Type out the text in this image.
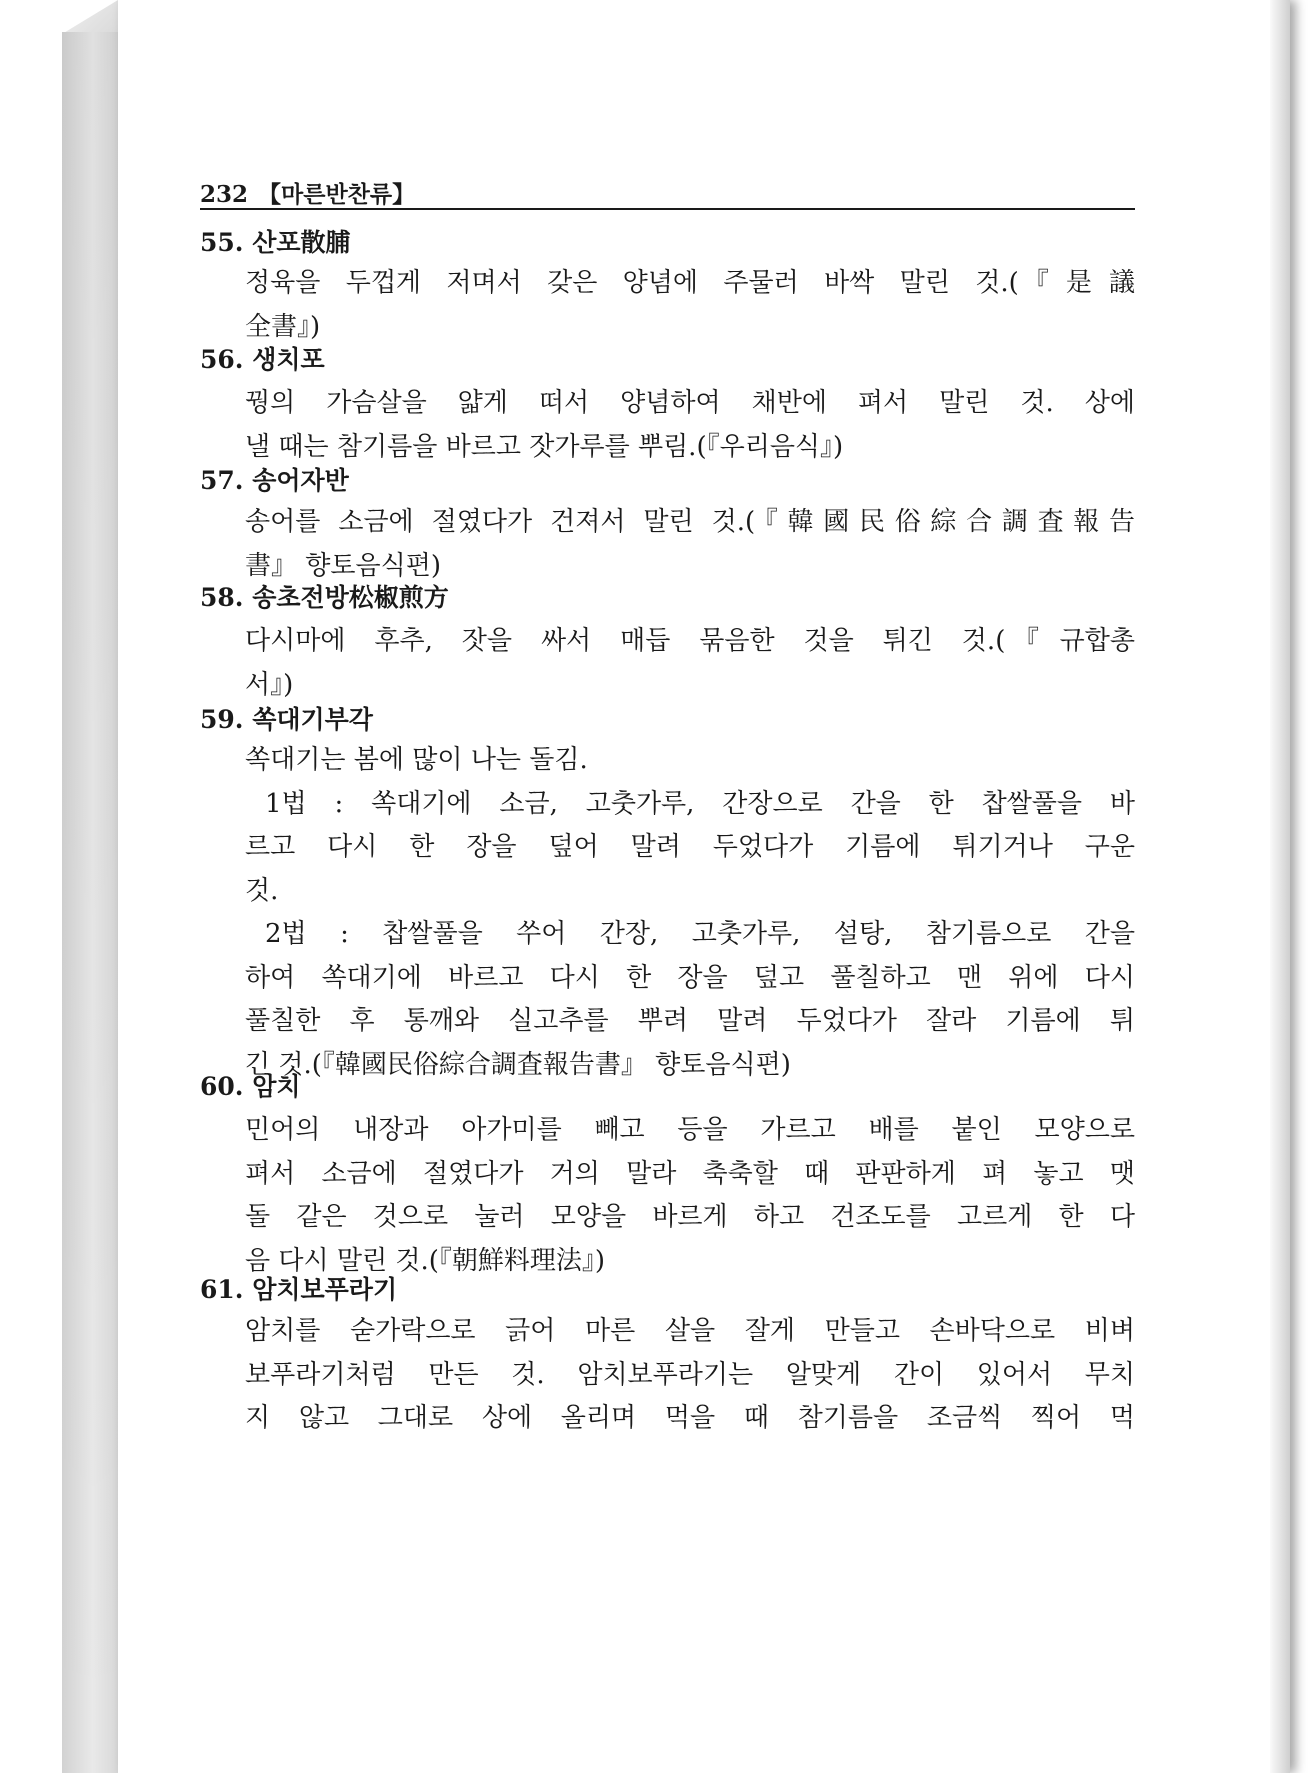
232 【마른반찬류】
55. 산포散脯
정육을 두껍게 저며서 갖은 양념에 주물러 바싹 말린 것.(『是議
全書』)
56. 생치포
꿩의 가슴살을 얇게 떠서 양념하여 채반에 펴서 말린 것. 상에
낼 때는 참기름을 바르고 잣가루를 뿌림.(『우리음식』)
57. 송어자반
송어를 소금에 절였다가 건져서 말린 것.(『韓國民俗綜合調査報告
書』 향토음식편)
58. 송초전방松椒煎方
다시마에 후추, 잣을 싸서 매듭 묶음한 것을 튀긴 것.(『규합총
서』)
59. 쏙대기부각
쏙대기는 봄에 많이 나는 돌김.
1법 : 쏙대기에 소금, 고춧가루, 간장으로 간을 한 찹쌀풀을 바
르고 다시 한 장을 덮어 말려 두었다가 기름에 튀기거나 구운
것.
2법 : 찹쌀풀을 쑤어 간장, 고춧가루, 설탕, 참기름으로 간을
하여 쏙대기에 바르고 다시 한 장을 덮고 풀칠하고 맨 위에 다시
풀칠한 후 통깨와 실고추를 뿌려 말려 두었다가 잘라 기름에 튀
긴 것.(『韓國民俗綜合調査報告書』 향토음식편)
60. 암치
민어의 내장과 아가미를 빼고 등을 가르고 배를 붙인 모양으로
펴서 소금에 절였다가 거의 말라 축축할 때 판판하게 펴 놓고 맷
돌 같은 것으로 눌러 모양을 바르게 하고 건조도를 고르게 한 다
음 다시 말린 것.(『朝鮮料理法』)
61. 암치보푸라기
암치를 숟가락으로 긁어 마른 살을 잘게 만들고 손바닥으로 비벼
보푸라기처럼 만든 것. 암치보푸라기는 알맞게 간이 있어서 무치
지 않고 그대로 상에 올리며 먹을 때 참기름을 조금씩 찍어 먹
